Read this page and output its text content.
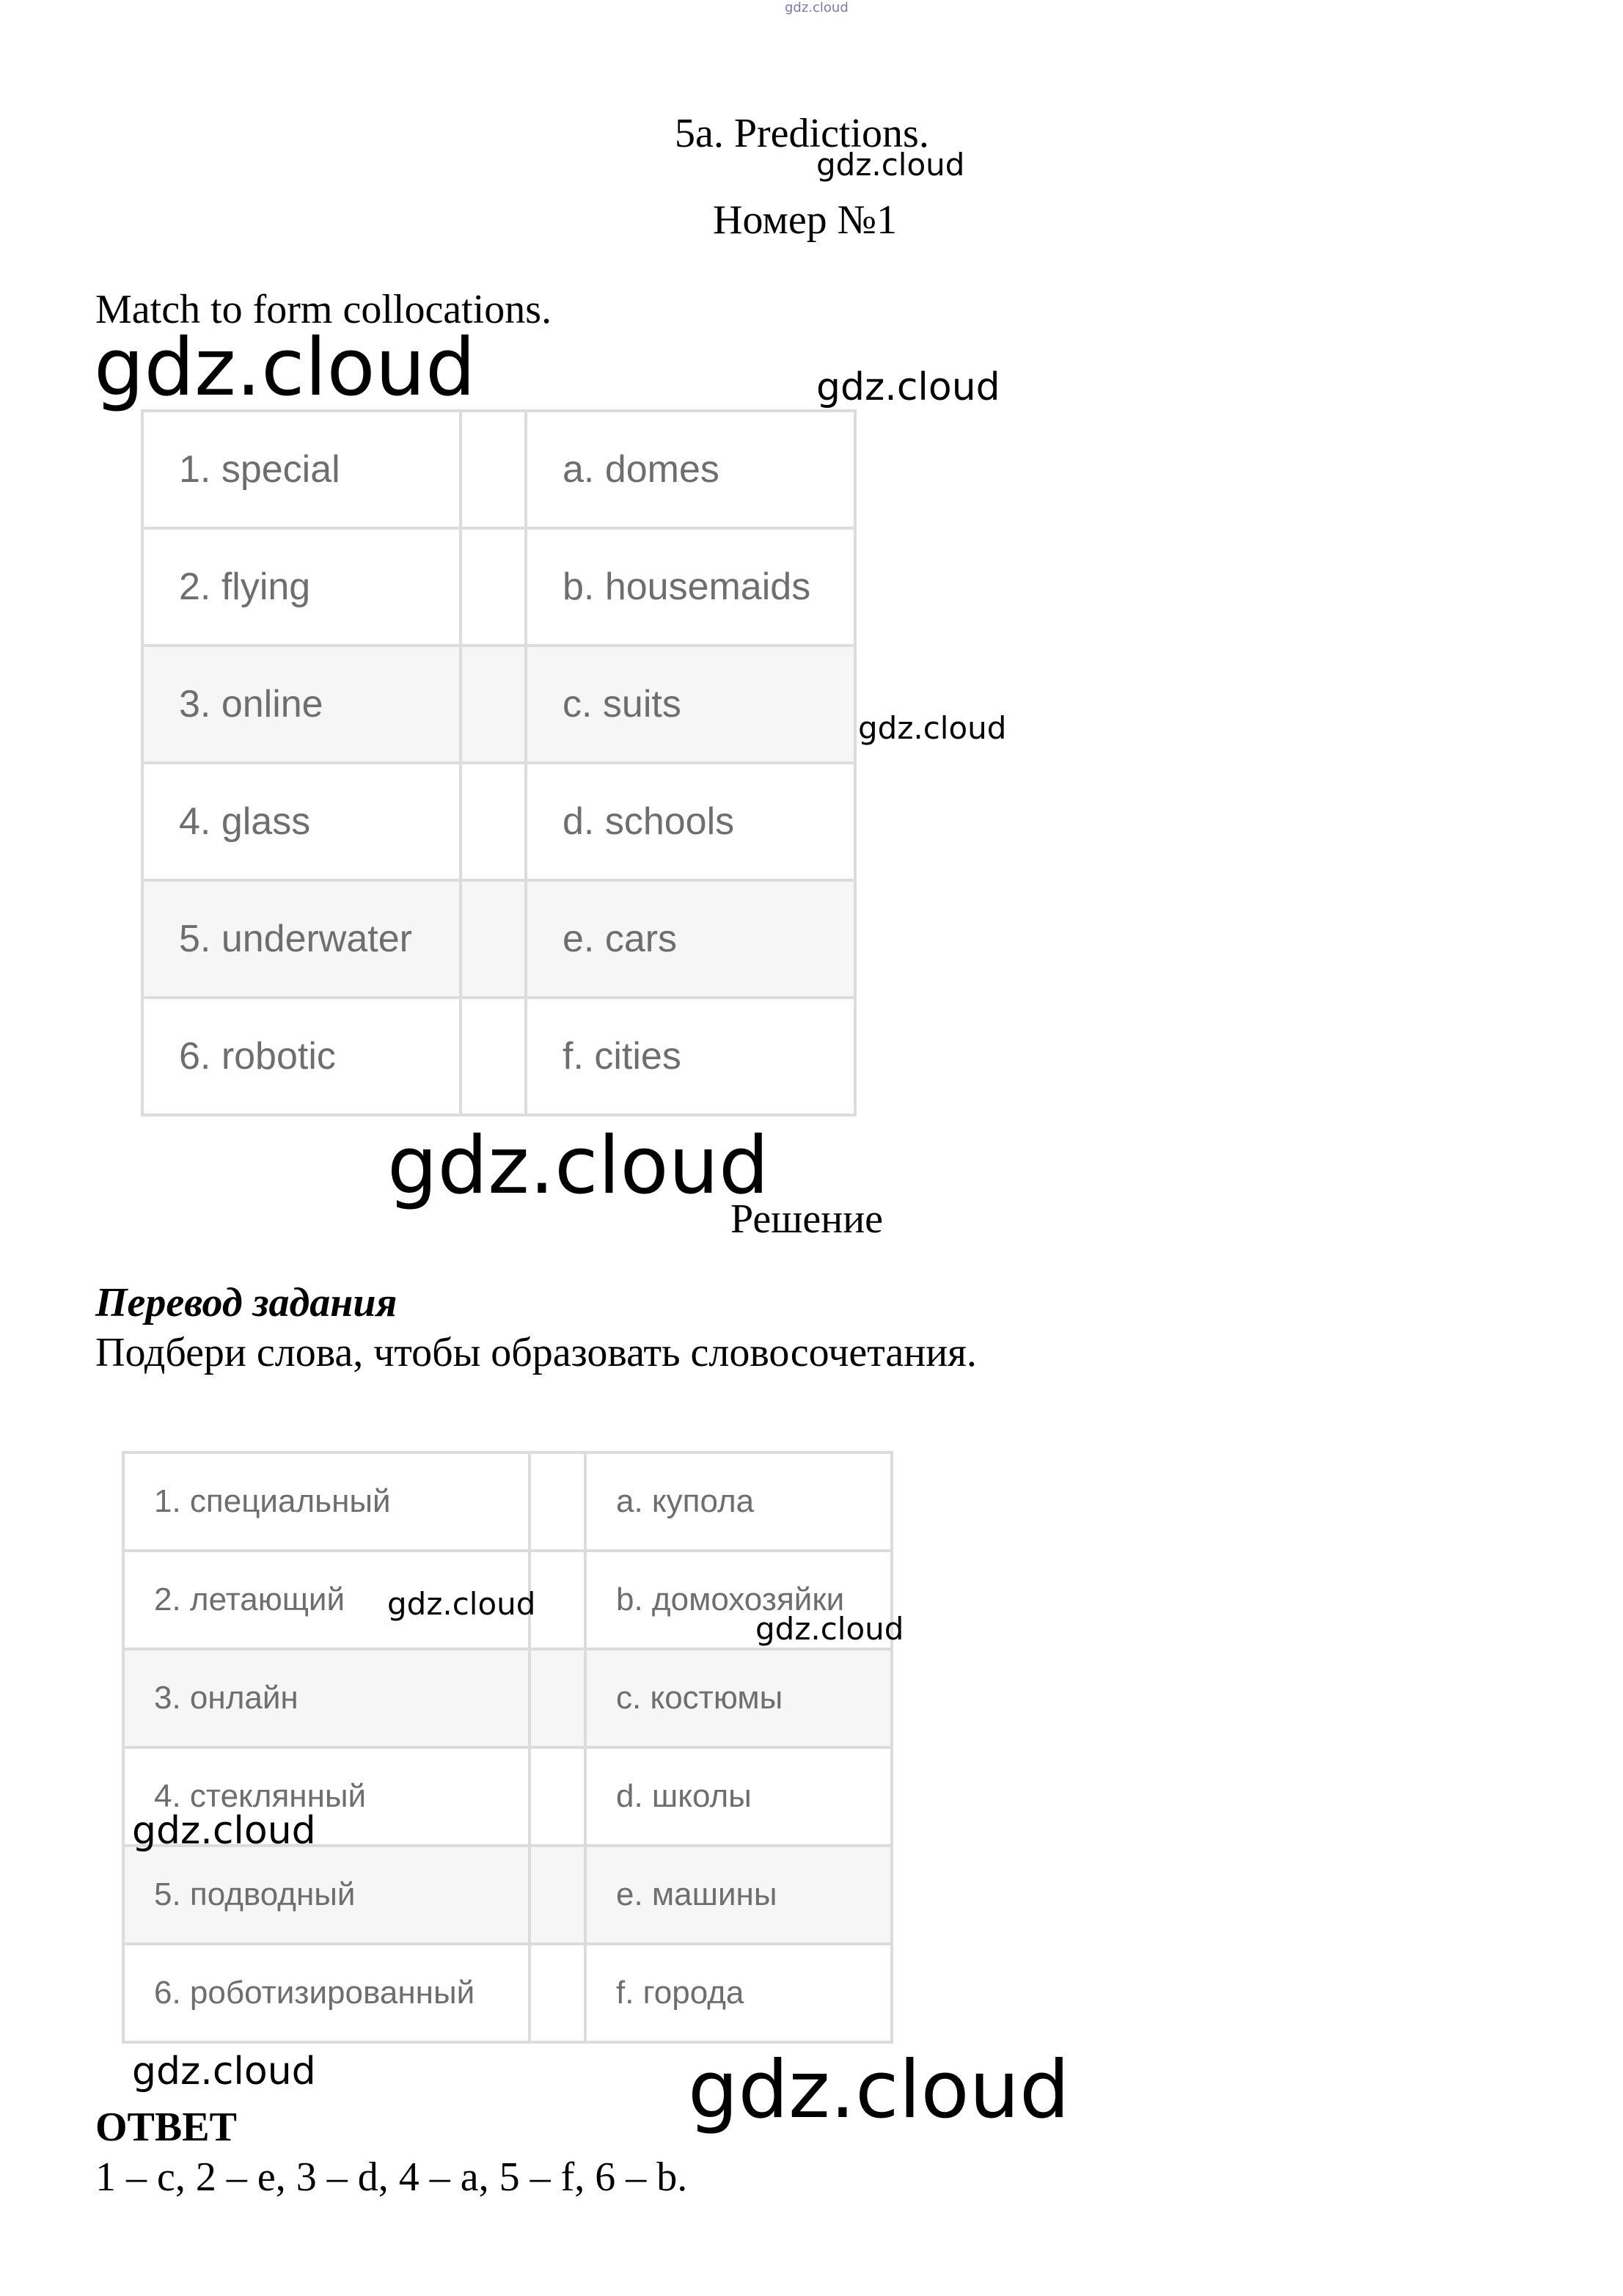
gdz.cloud
5a. Predictions.
gdz.cloud
Номер №1
Match to form collocations.
gdz.cloud	gdz.cloud
1. special		a. domes

2. flying		b. housemaids

3. online		c. suits

4. glass		d. schools

5. underwater		e. cars

6. robotic		f. cities
gdz.cloud
gdz.cloud
Решение
Перевод задания
Подбери слова, чтобы образовать словосочетания.
1. специальный		a. купола

2. летающий		b. домохозяйки

3. онлайн		c. костюмы

4. стеклянный		d. школы

5. подводный		e. машины

6. роботизированный		f. города
gdz.cloud
gdz.cloud
gdz.cloud
gdz.cloud	gdz.cloud
ОТВЕТ
1 – c, 2 – e, 3 – d, 4 – a, 5 – f, 6 – b.
